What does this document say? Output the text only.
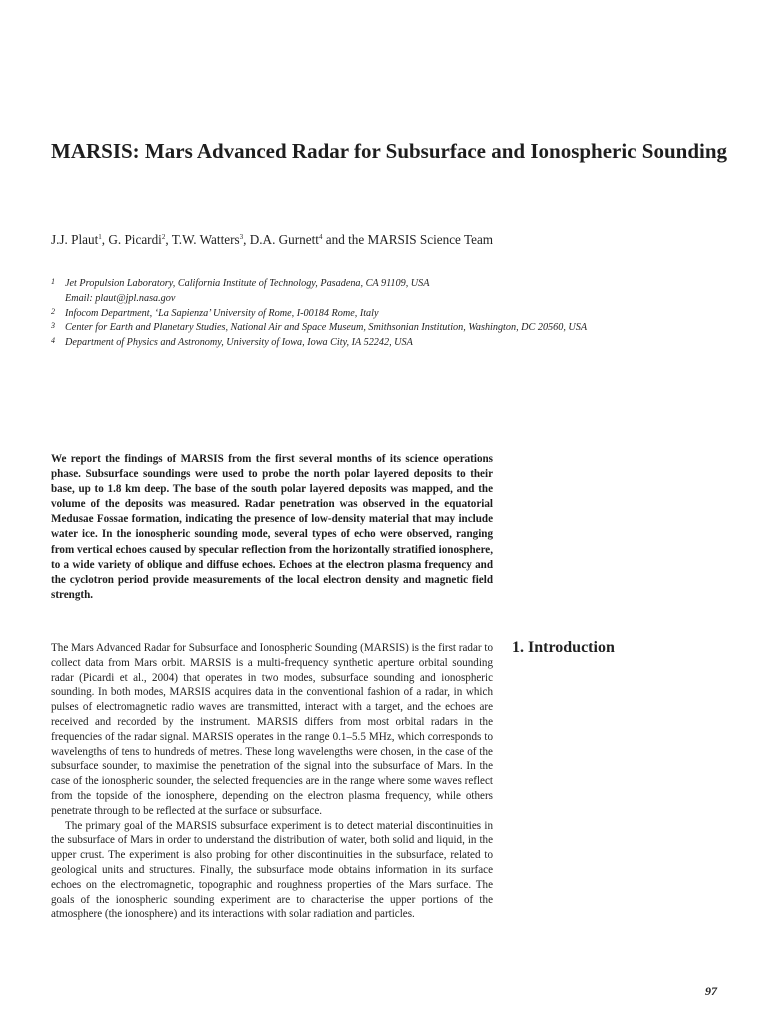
MARSIS: Mars Advanced Radar for Subsurface and Ionospheric Sounding
J.J. Plaut$^1$, G. Picardi$^2$, T.W. Watters$^3$, D.A. Gurnett$^4$ and the MARSIS Science Team
1 Jet Propulsion Laboratory, California Institute of Technology, Pasadena, CA 91109, USA
Email: plaut@jpl.nasa.gov
2 Infocom Department, ‘La Sapienza’ University of Rome, I-00184 Rome, Italy
3 Center for Earth and Planetary Studies, National Air and Space Museum, Smithsonian Institution, Washington, DC 20560, USA
4 Department of Physics and Astronomy, University of Iowa, Iowa City, IA 52242, USA

We report the findings of MARSIS from the first several months of its science operations phase. Subsurface soundings were used to probe the north polar layered deposits to their base, up to 1.8 km deep. The base of the south polar layered deposits was mapped, and the volume of the deposits was measured. Radar penetration was observed in the equatorial Medusae Fossae formation, indicating the presence of low-density material that may include water ice. In the ionospheric sounding mode, several types of echo were observed, ranging from vertical echoes caused by specular reflection from the horizontally stratified ionosphere, to a wide variety of oblique and diffuse echoes. Echoes at the electron plasma frequency and the cyclotron period provide measurements of the local electron density and magnetic field strength.

1. Introduction

The Mars Advanced Radar for Subsurface and Ionospheric Sounding (MARSIS) is the first radar to collect data from Mars orbit. MARSIS is a multi-frequency synthetic aperture orbital sounding radar (Picardi et al., 2004) that operates in two modes, subsurface sounding and ionospheric sounding. In both modes, MARSIS acquires data in the conventional fashion of a radar, in which pulses of electromagnetic radio waves are transmitted, interact with a target, and the echoes are received and recorded by the instrument. MARSIS differs from most orbital radars in the frequencies of the radar signal. MARSIS operates in the range 0.1–5.5 MHz, which corresponds to wavelengths of tens to hundreds of metres. These long wavelengths were chosen, in the case of the subsurface sounder, to maximise the penetration of the signal into the subsurface of Mars. In the case of the ionospheric sounder, the selected frequencies are in the range where some waves reflect from the topside of the ionosphere, depending on the electron plasma frequency, while others penetrate through to be reflected at the surface or subsurface.

The primary goal of the MARSIS subsurface experiment is to detect material discontinuities in the subsurface of Mars in order to understand the distribution of water, both solid and liquid, in the upper crust. The experiment is also probing for other discontinuities in the subsurface, related to geological units and structures. Finally, the subsurface mode obtains information in its surface echoes on the electromagnetic, topographic and roughness properties of the Mars surface. The goals of the ionospheric sounding experiment are to characterise the upper portions of the atmosphere (the ionosphere) and its interactions with solar radiation and particles.

97
